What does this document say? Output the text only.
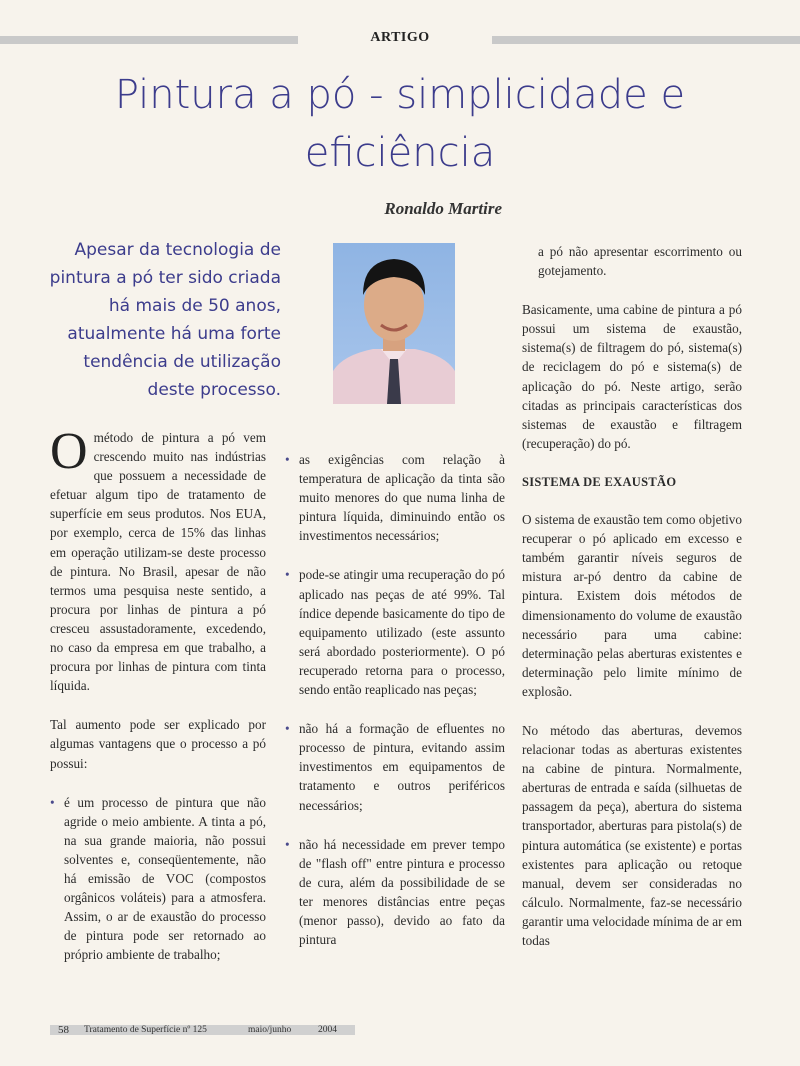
ARTIGO
Pintura a pó - simplicidade e eficiência
Ronaldo Martire
Apesar da tecnologia de
pintura a pó ter sido criada
há mais de 50 anos,
atualmente há uma forte
tendência de utilização
deste processo.

Ométodo de pintura a pó vem crescendo muito nas indústrias que possuem a necessidade de efetuar algum tipo de tratamento de superfície em seus produtos. Nos EUA, por exemplo, cerca de 15% das linhas em operação utilizam-se deste processo de pintura. No Brasil, apesar de não termos uma pesquisa neste sentido, a procura por linhas de pintura a pó cresceu assustadoramente, excedendo, no caso da empresa em que trabalho, a procura por linhas de pintura com tinta líquida.

Tal aumento pode ser explicado por algumas vantagens que o processo a pó possui:

• é um processo de pintura que não agride o meio ambiente. A tinta a pó, na sua grande maioria, não possui solventes e, conseqüentemente, não há emissão de VOC (compostos orgânicos voláteis) para a atmosfera. Assim, o ar de exaustão do processo de pintura pode ser retornado ao próprio ambiente de trabalho;
• as exigências com relação à temperatura de aplicação da tinta são muito menores do que numa linha de pintura líquida, diminuindo então os investimentos necessários;
• pode-se atingir uma recuperação do pó aplicado nas peças de até 99%. Tal índice depende basicamente do tipo de equipamento utilizado (este assunto será abordado posteriormente). O pó recuperado retorna para o processo, sendo então reaplicado nas peças;
• não há a formação de efluentes no processo de pintura, evitando assim investimentos em equipamentos de tratamento e outros periféricos necessários;
• não há necessidade em prever tempo de "flash off" entre pintura e processo de cura, além da possibilidade de se ter menores distâncias entre peças (menor passo), devido ao fato da pintura

a pó não apresentar escorrimento ou gotejamento.

Basicamente, uma cabine de pintura a pó possui um sistema de exaustão, sistema(s) de filtragem do pó, sistema(s) de reciclagem do pó e sistema(s) de aplicação do pó. Neste artigo, serão citadas as principais características dos sistemas de exaustão e filtragem (recuperação) do pó.

SISTEMA DE EXAUSTÃO

O sistema de exaustão tem como objetivo recuperar o pó aplicado em excesso e também garantir níveis seguros de mistura ar-pó dentro da cabine de pintura. Existem dois métodos de dimensionamento do volume de exaustão necessário para uma cabine: determinação pelas aberturas existentes e determinação pelo limite mínimo de explosão.

No método das aberturas, devemos relacionar todas as aberturas existentes na cabine de pintura. Normalmente, aberturas de entrada e saída (silhuetas de passagem da peça), abertura do sistema transportador, aberturas para pistola(s) de pintura automática (se existente) e portas existentes para aplicação ou retoque manual, devem ser consideradas no cálculo. Normalmente, faz-se necessário garantir uma velocidade mínima de ar em todas

58 Tratamento de Superfície nº 125	maio/junho	2004
